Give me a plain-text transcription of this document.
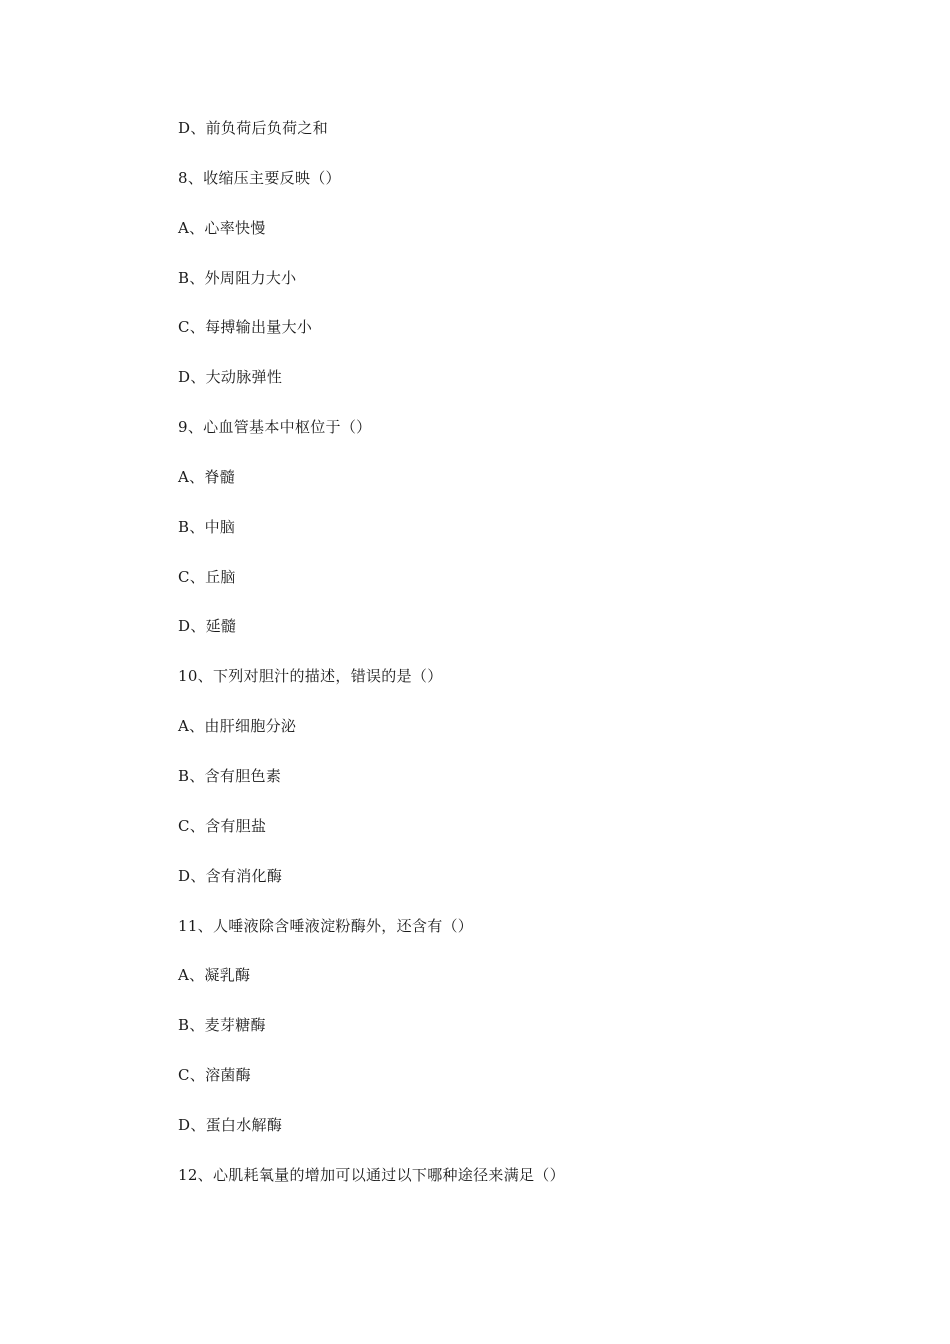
D、前负荷后负荷之和
8、收缩压主要反映（）
A、心率快慢
B、外周阻力大小
C、每搏输出量大小
D、大动脉弹性
9、心血管基本中枢位于（）
A、脊髓
B、中脑
C、丘脑
D、延髓
10、下列对胆汁的描述，错误的是（）
A、由肝细胞分泌
B、含有胆色素
C、含有胆盐
D、含有消化酶
11、人唾液除含唾液淀粉酶外，还含有（）
A、凝乳酶
B、麦芽糖酶
C、溶菌酶
D、蛋白水解酶
12、心肌耗氧量的增加可以通过以下哪种途径来满足（）
